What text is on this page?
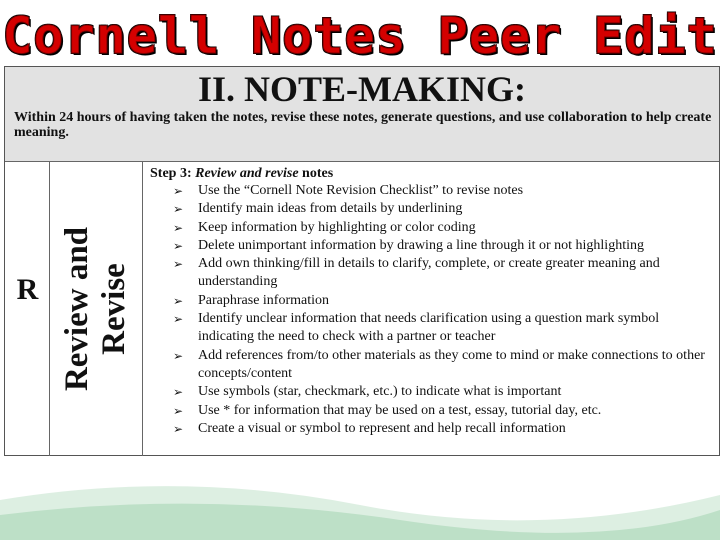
Cornell Notes Peer Edit
II. NOTE-MAKING:
Within 24 hours of having taken the notes, revise these notes, generate questions, and use collaboration to help create meaning.
R Review and Revise
Step 3: Review and revise notes
➢ Use the “Cornell Note Revision Checklist” to revise notes
➢ Identify main ideas from details by underlining
➢ Keep information by highlighting or color coding
➢ Delete unimportant information by drawing a line through it or not highlighting
➢ Add own thinking/fill in details to clarify, complete, or create greater meaning and understanding
➢ Paraphrase information
➢ Identify unclear information that needs clarification using a question mark symbol indicating the need to check with a partner or teacher
➢ Add references from/to other materials as they come to mind or make connections to other concepts/content
➢ Use symbols (star, checkmark, etc.) to indicate what is important
➢ Use * for information that may be used on a test, essay, tutorial day, etc.
➢ Create a visual or symbol to represent and help recall information
